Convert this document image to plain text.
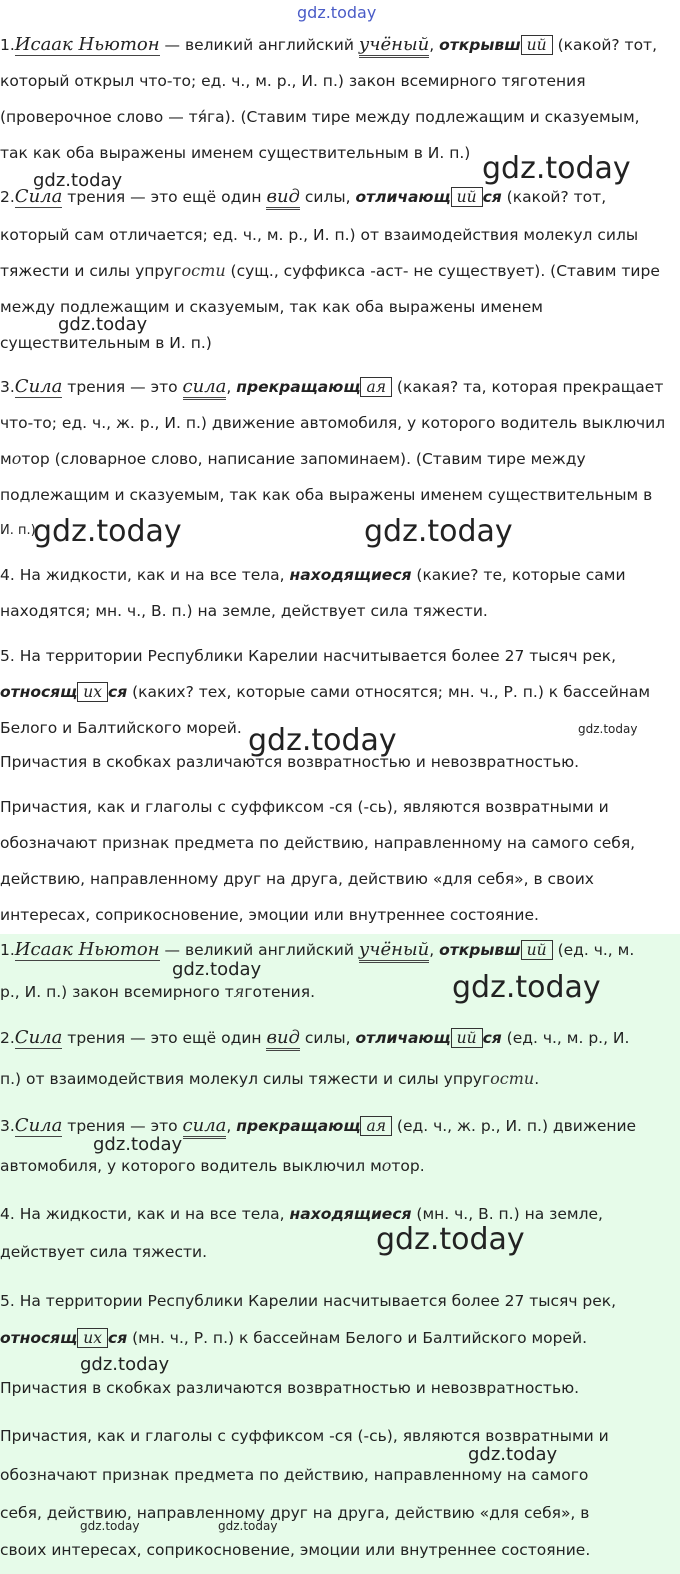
gdz.today
1.Исаак Ньютон — великий английский учёный, открывш ий (какой? тот,
который открыл что-то; ед. ч., м. р., И. п.) закон всемирного тяготения
(проверочное слово — тя́га). (Ставим тире между подлежащим и сказуемым,
так как оба выражены именем существительным в И. п.)
2.Сила трения — это ещё один вид силы, отличающ ий ся (какой? тот,
который сам отличается; ед. ч., м. р., И. п.) от взаимодействия молекул силы
тяжести и силы упругости (сущ., суффикса -аст- не существует). (Ставим тире
между подлежащим и сказуемым, так как оба выражены именем
существительным в И. п.)
3.Сила трения — это сила, прекращающ ая (какая? та, которая прекращает
что-то; ед. ч., ж. р., И. п.) движение автомобиля, у которого водитель выключил
мотор (словарное слово, написание запоминаем). (Ставим тире между
подлежащим и сказуемым, так как оба выражены именем существительным в
И. п.)
4. На жидкости, как и на все тела, находящиеся (какие? те, которые сами
находятся; мн. ч., В. п.) на земле, действует сила тяжести.
5. На территории Республики Карелии насчитывается более 27 тысяч рек,
относящ их ся (каких? тех, которые сами относятся; мн. ч., Р. п.) к бассейнам
Белого и Балтийского морей.
Причастия в скобках различаются возвратностью и невозвратностью.
Причастия, как и глаголы с суффиксом -ся (-сь), являются возвратными и
обозначают признак предмета по действию, направленному на самого себя,
действию, направленному друг на друга, действию «для себя», в своих
интересах, соприкосновение, эмоции или внутреннее состояние.
1.Исаак Ньютон — великий английский учёный, открывш ий (ед. ч., м.
р., И. п.) закон всемирного тяготения.
2.Сила трения — это ещё один вид силы, отличающ ий ся (ед. ч., м. р., И.
п.) от взаимодействия молекул силы тяжести и силы упругости.
3.Сила трения — это сила, прекращающ ая (ед. ч., ж. р., И. п.) движение
автомобиля, у которого водитель выключил мотор.
4. На жидкости, как и на все тела, находящиеся (мн. ч., В. п.) на земле,
действует сила тяжести.
5. На территории Республики Карелии насчитывается более 27 тысяч рек,
относящ их ся (мн. ч., Р. п.) к бассейнам Белого и Балтийского морей.
Причастия в скобках различаются возвратностью и невозвратностью.
Причастия, как и глаголы с суффиксом -ся (-сь), являются возвратными и
обозначают признак предмета по действию, направленному на самого
себя, действию, направленному друг на друга, действию «для себя», в
своих интересах, соприкосновение, эмоции или внутреннее состояние.
gdz.today
gdz.today
gdz.today
gdz.today	gdz.today
gdz.today	gdz.today
gdz.today
gdz.today
gdz.today
gdz.today
gdz.today
gdz.today
gdz.today	gdz.today
